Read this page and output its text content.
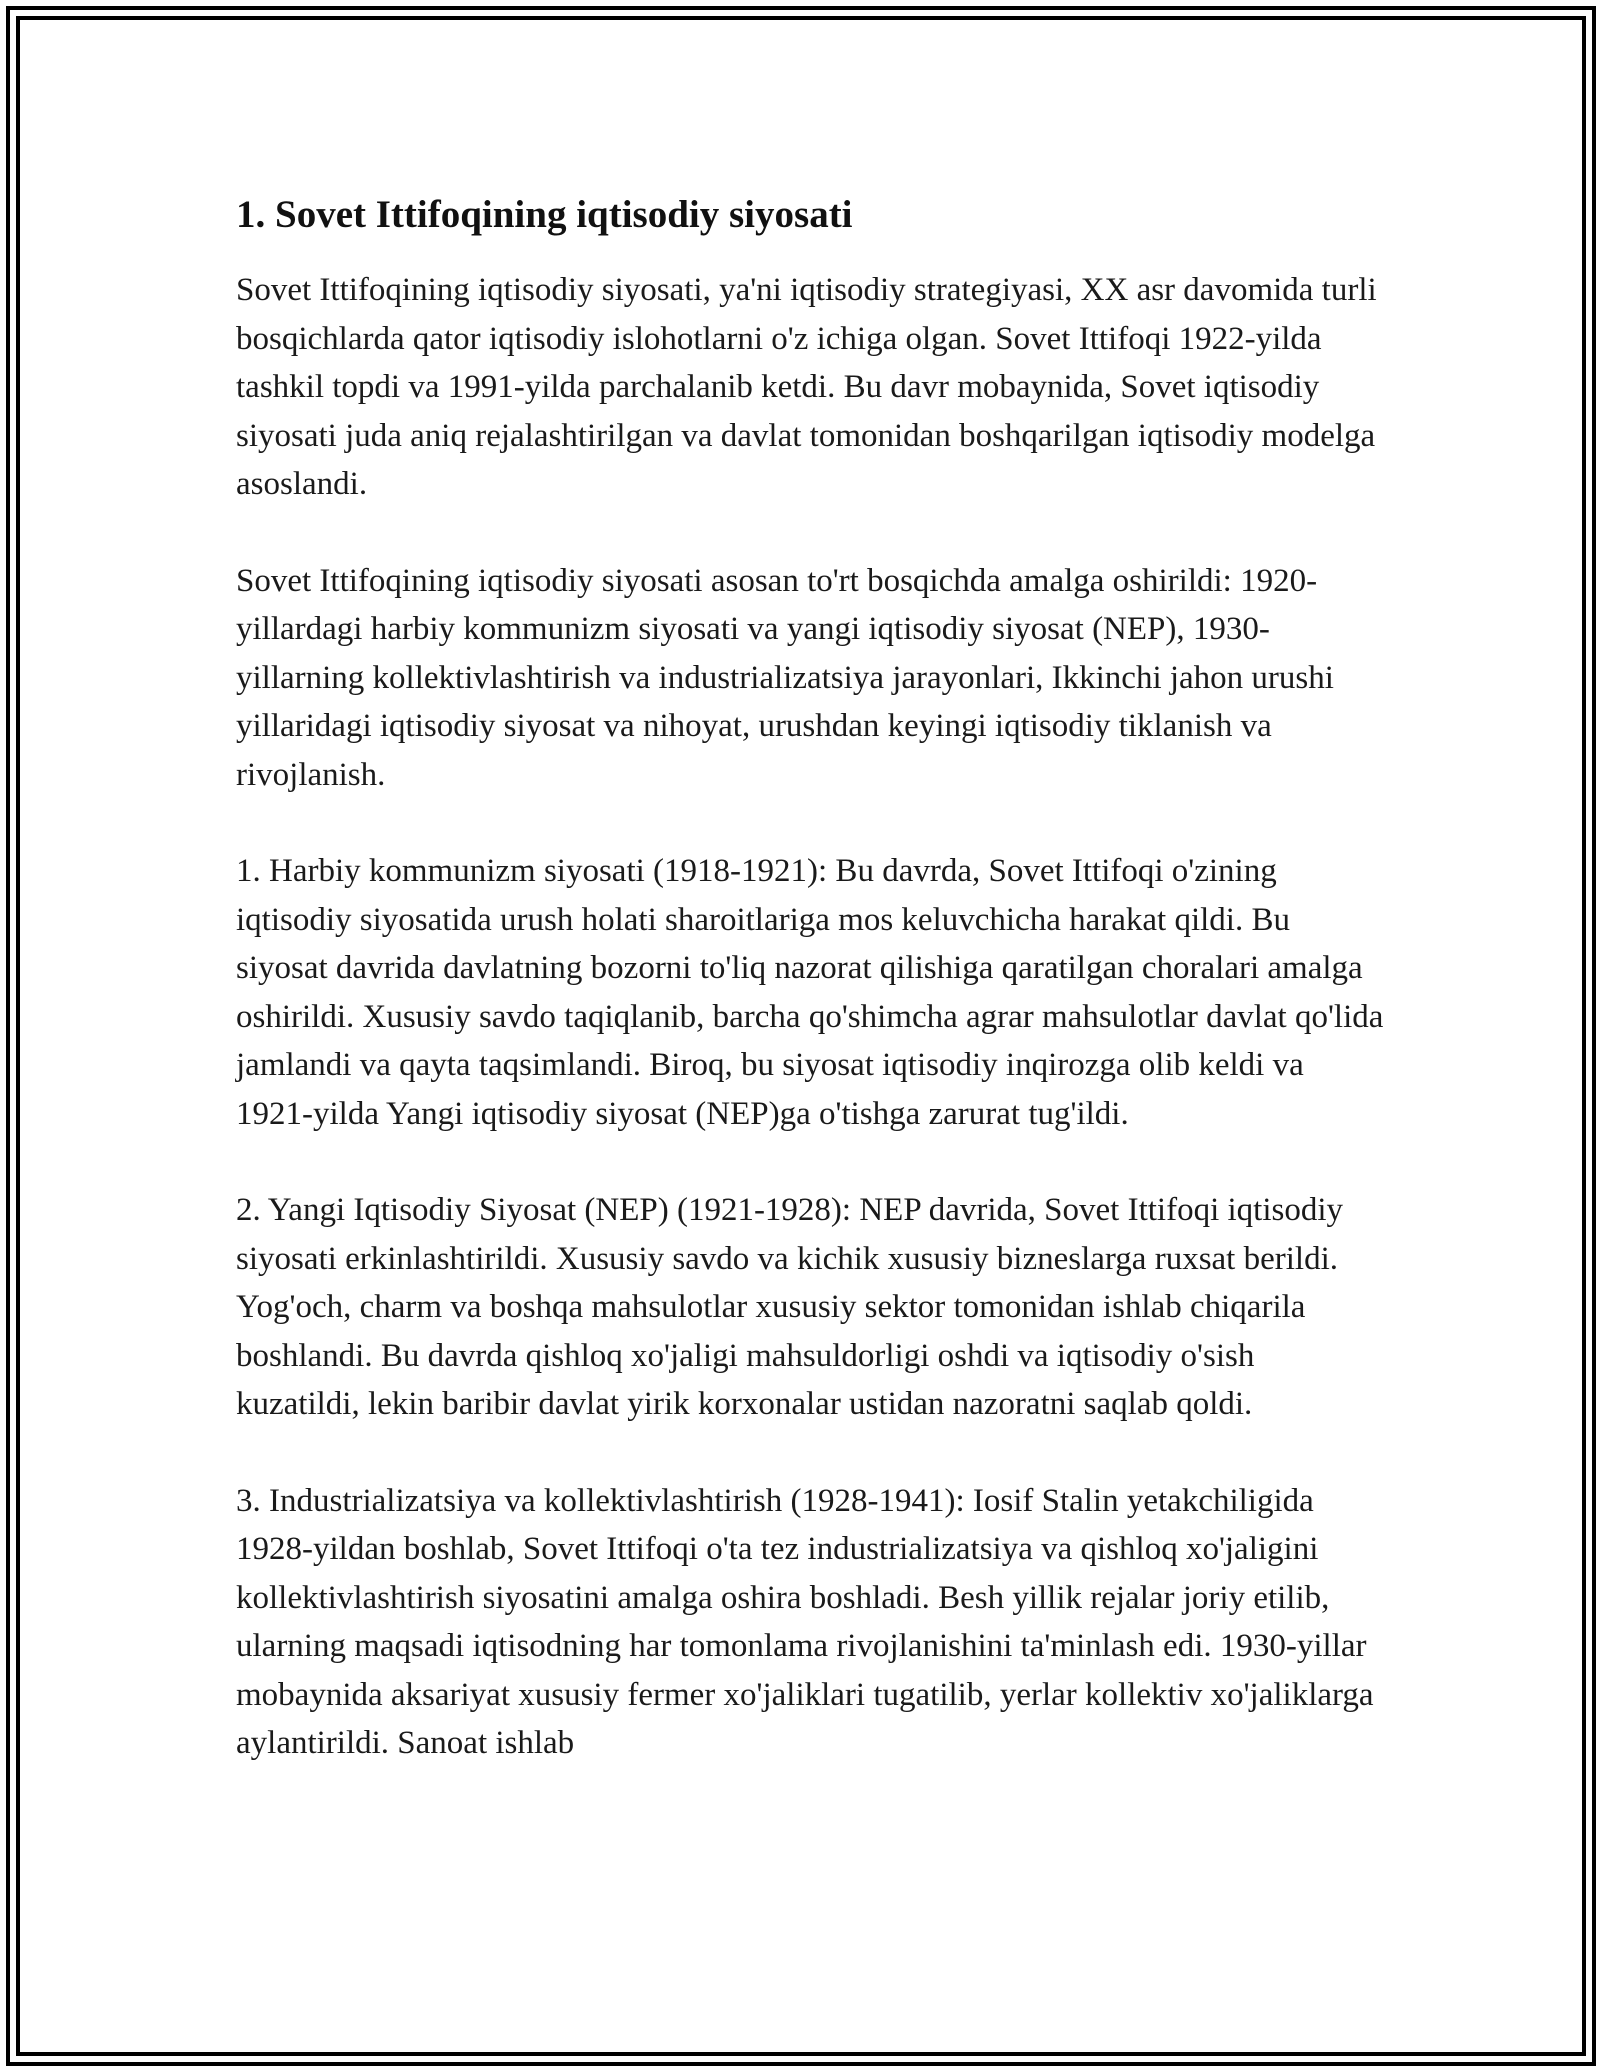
1. Sovet Ittifoqining iqtisodiy siyosati

Sovet Ittifoqining iqtisodiy siyosati, ya'ni iqtisodiy strategiyasi, XX asr davomida turli bosqichlarda qator iqtisodiy islohotlarni o'z ichiga olgan. Sovet Ittifoqi 1922-yilda tashkil topdi va 1991-yilda parchalanib ketdi. Bu davr mobaynida, Sovet iqtisodiy siyosati juda aniq rejalashtirilgan va davlat tomonidan boshqarilgan iqtisodiy modelga asoslandi.

Sovet Ittifoqining iqtisodiy siyosati asosan to'rt bosqichda amalga oshirildi: 1920-yillardagi harbiy kommunizm siyosati va yangi iqtisodiy siyosat (NEP), 1930-yillarning kollektivlashtirish va industrializatsiya jarayonlari, Ikkinchi jahon urushi yillaridagi iqtisodiy siyosat va nihoyat, urushdan keyingi iqtisodiy tiklanish va rivojlanish.

1. Harbiy kommunizm siyosati (1918-1921): Bu davrda, Sovet Ittifoqi o'zining iqtisodiy siyosatida urush holati sharoitlariga mos keluvchicha harakat qildi. Bu siyosat davrida davlatning bozorni to'liq nazorat qilishiga qaratilgan choralari amalga oshirildi. Xususiy savdo taqiqlanib, barcha qo'shimcha agrar mahsulotlar davlat qo'lida jamlandi va qayta taqsimlandi. Biroq, bu siyosat iqtisodiy inqirozga olib keldi va 1921-yilda Yangi iqtisodiy siyosat (NEP)ga o'tishga zarurat tug'ildi.

2. Yangi Iqtisodiy Siyosat (NEP) (1921-1928): NEP davrida, Sovet Ittifoqi iqtisodiy siyosati erkinlashtirildi. Xususiy savdo va kichik xususiy bizneslarga ruxsat berildi. Yog'och, charm va boshqa mahsulotlar xususiy sektor tomonidan ishlab chiqarila boshlandi. Bu davrda qishloq xo'jaligi mahsuldorligi oshdi va iqtisodiy o'sish kuzatildi, lekin baribir davlat yirik korxonalar ustidan nazoratni saqlab qoldi.

3. Industrializatsiya va kollektivlashtirish (1928-1941): Iosif Stalin yetakchiligida 1928-yildan boshlab, Sovet Ittifoqi o'ta tez industrializatsiya va qishloq xo'jaligini kollektivlashtirish siyosatini amalga oshira boshladi. Besh yillik rejalar joriy etilib, ularning maqsadi iqtisodning har tomonlama rivojlanishini ta'minlash edi. 1930-yillar mobaynida aksariyat xususiy fermer xo'jaliklari tugatilib, yerlar kollektiv xo'jaliklarga aylantirildi. Sanoat ishlab
